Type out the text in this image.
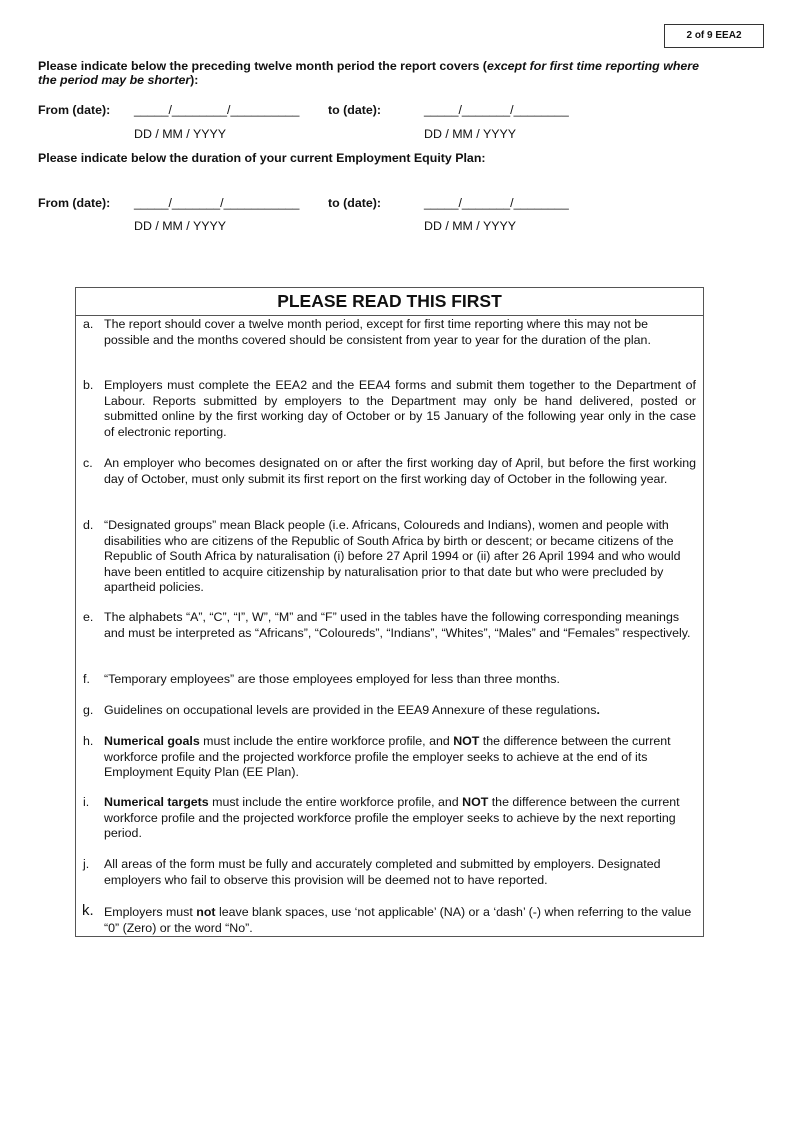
2 of 9 EEA2
Please indicate below the preceding twelve month period the report covers (except for first time reporting where
the period may be shorter):
From (date): _____/________/__________ to (date):	_____/_______/________
DD / MM / YYYY	DD / MM / YYYY
Please indicate below the duration of your current Employment Equity Plan:
From (date): _____/_______/___________ to (date):	_____/_______/________
DD / MM / YYYY	DD / MM / YYYY
PLEASE READ THIS FIRST
a. The report should cover a twelve month period, except for first time reporting where this may not be possible and the months covered should be consistent from year to year for the duration of the plan.
b. Employers must complete the EEA2 and the EEA4 forms and submit them together to the Department of Labour. Reports submitted by employers to the Department may only be hand delivered, posted or submitted online by the first working day of October or by 15 January of the following year only in the case of electronic reporting.
c. An employer who becomes designated on or after the first working day of April, but before the first working day of October, must only submit its first report on the first working day of October in the following year.
d. “Designated groups” mean Black people (i.e. Africans, Coloureds and Indians), women and people with disabilities who are citizens of the Republic of South Africa by birth or descent; or became citizens of the Republic of South Africa by naturalisation (i) before 27 April 1994 or (ii) after 26 April 1994 and who would have been entitled to acquire citizenship by naturalisation prior to that date but who were precluded by apartheid policies.
e. The alphabets “A”, “C”, “I”, W”, “M” and “F” used in the tables have the following corresponding meanings and must be interpreted as “Africans”, “Coloureds”, “Indians”, “Whites”, “Males” and “Females” respectively.
f. “Temporary employees” are those employees employed for less than three months.
g. Guidelines on occupational levels are provided in the EEA9 Annexure of these regulations.
h. Numerical goals must include the entire workforce profile, and NOT the difference between the current workforce profile and the projected workforce profile the employer seeks to achieve at the end of its Employment Equity Plan (EE Plan).
i. Numerical targets must include the entire workforce profile, and NOT the difference between the current workforce profile and the projected workforce profile the employer seeks to achieve by the next reporting period.
j. All areas of the form must be fully and accurately completed and submitted by employers. Designated employers who fail to observe this provision will be deemed not to have reported.
k. Employers must not leave blank spaces, use ‘not applicable’ (NA) or a ‘dash’ (-) when referring to the value “0” (Zero) or the word “No”.
